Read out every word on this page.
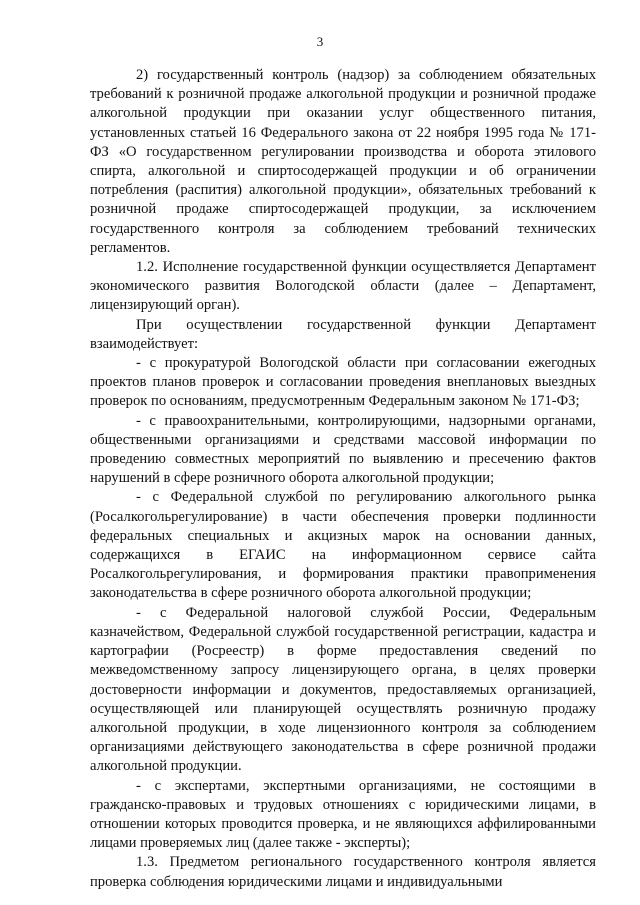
3

2) государственный контроль (надзор) за соблюдением обязательных требований к розничной продаже алкогольной продукции и розничной продаже алкогольной продукции при оказании услуг общественного питания, установленных статьей 16 Федерального закона от 22 ноября 1995 года № 171-ФЗ «О государственном регулировании производства и оборота этилового спирта, алкогольной и спиртосодержащей продукции и об ограничении потребления (распития) алкогольной продукции», обязательных требований к розничной продаже спиртосодержащей продукции, за исключением государственного контроля за соблюдением требований технических регламентов.

1.2. Исполнение государственной функции осуществляется Департамент экономического развития Вологодской области (далее – Департамент, лицензирующий орган).

При осуществлении государственной функции Департамент взаимодействует:

- с прокуратурой Вологодской области при согласовании ежегодных проектов планов проверок и согласовании проведения внеплановых выездных проверок по основаниям, предусмотренным Федеральным законом № 171-ФЗ;

- с правоохранительными, контролирующими, надзорными органами, общественными организациями и средствами массовой информации по проведению совместных мероприятий по выявлению и пресечению фактов нарушений в сфере розничного оборота алкогольной продукции;

- с Федеральной службой по регулированию алкогольного рынка (Росалкогольрегулирование) в части обеспечения проверки подлинности федеральных специальных и акцизных марок на основании данных, содержащихся в ЕГАИС на информационном сервисе сайта Росалкогольрегулирования, и формирования практики правоприменения законодательства в сфере розничного оборота алкогольной продукции;

- с Федеральной налоговой службой России, Федеральным казначейством, Федеральной службой государственной регистрации, кадастра и картографии (Росреестр) в форме предоставления сведений по межведомственному запросу лицензирующего органа, в целях проверки достоверности информации и документов, предоставляемых организацией, осуществляющей или планирующей осуществлять розничную продажу алкогольной продукции, в ходе лицензионного контроля за соблюдением организациями действующего законодательства в сфере розничной продажи алкогольной продукции.

- с экспертами, экспертными организациями, не состоящими в гражданско-правовых и трудовых отношениях с юридическими лицами, в отношении которых проводится проверка, и не являющихся аффилированными лицами проверяемых лиц (далее также - эксперты);

1.3. Предметом регионального государственного контроля является проверка соблюдения юридическими лицами и индивидуальными
